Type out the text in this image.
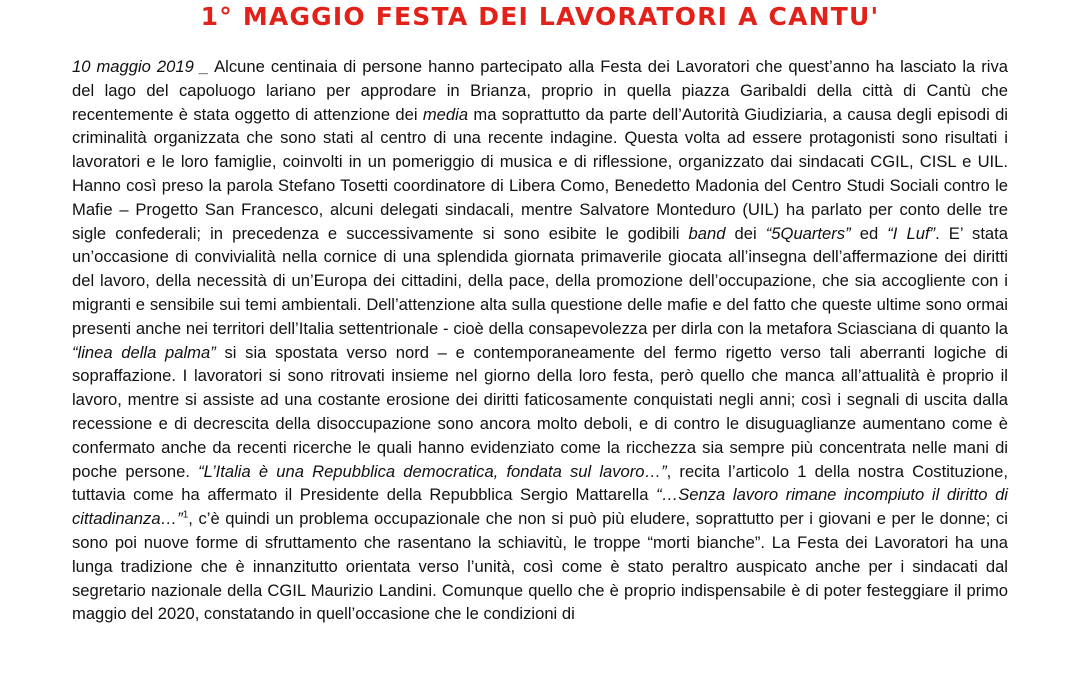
1° MAGGIO FESTA DEI LAVORATORI A CANTU'

10 maggio 2019 _ Alcune centinaia di persone hanno partecipato alla Festa dei Lavoratori che quest’anno ha lasciato la riva del lago del capoluogo lariano per approdare in Brianza, proprio in quella piazza Garibaldi della città di Cantù che recentemente è stata oggetto di attenzione dei media ma soprattutto da parte dell’Autorità Giudiziaria, a causa degli episodi di criminalità organizzata che sono stati al centro di una recente indagine. Questa volta ad essere protagonisti sono risultati i lavoratori e le loro famiglie, coinvolti in un pomeriggio di musica e di riflessione, organizzato dai sindacati CGIL, CISL e UIL. Hanno così preso la parola Stefano Tosetti coordinatore di Libera Como, Benedetto Madonia del Centro Studi Sociali contro le Mafie – Progetto San Francesco, alcuni delegati sindacali, mentre Salvatore Monteduro (UIL) ha parlato per conto delle tre sigle confederali; in precedenza e successivamente si sono esibite le godibili band dei “5Quarters” ed “I Luf”. E’ stata un’occasione di convivialità nella cornice di una splendida giornata primaverile giocata all’insegna dell’affermazione dei diritti del lavoro, della necessità di un’Europa dei cittadini, della pace, della promozione dell’occupazione, che sia accogliente con i migranti e sensibile sui temi ambientali. Dell’attenzione alta sulla questione delle mafie e del fatto che queste ultime sono ormai presenti anche nei territori dell’Italia settentrionale - cioè della consapevolezza per dirla con la metafora Sciasciana di quanto la “linea della palma” si sia spostata verso nord – e contemporaneamente del fermo rigetto verso tali aberranti logiche di sopraffazione. I lavoratori si sono ritrovati insieme nel giorno della loro festa, però quello che manca all’attualità è proprio il lavoro, mentre si assiste ad una costante erosione dei diritti faticosamente conquistati negli anni; così i segnali di uscita dalla recessione e di decrescita della disoccupazione sono ancora molto deboli, e di contro le disuguaglianze aumentano come è confermato anche da recenti ricerche le quali hanno evidenziato come la ricchezza sia sempre più concentrata nelle mani di poche persone. “L’Italia è una Repubblica democratica, fondata sul lavoro…”, recita l’articolo 1 della nostra Costituzione, tuttavia come ha affermato il Presidente della Repubblica Sergio Mattarella “…Senza lavoro rimane incompiuto il diritto di cittadinanza…”$^1$, c’è quindi un problema occupazionale che non si può più eludere, soprattutto per i giovani e per le donne; ci sono poi nuove forme di sfruttamento che rasentano la schiavitù, le troppe “morti bianche”. La Festa dei Lavoratori ha una lunga tradizione che è innanzitutto orientata verso l’unità, così come è stato peraltro auspicato anche per i sindacati dal segretario nazionale della CGIL Maurizio Landini. Comunque quello che è proprio indispensabile è di poter festeggiare il primo maggio del 2020, constatando in quell’occasione che le condizioni di
